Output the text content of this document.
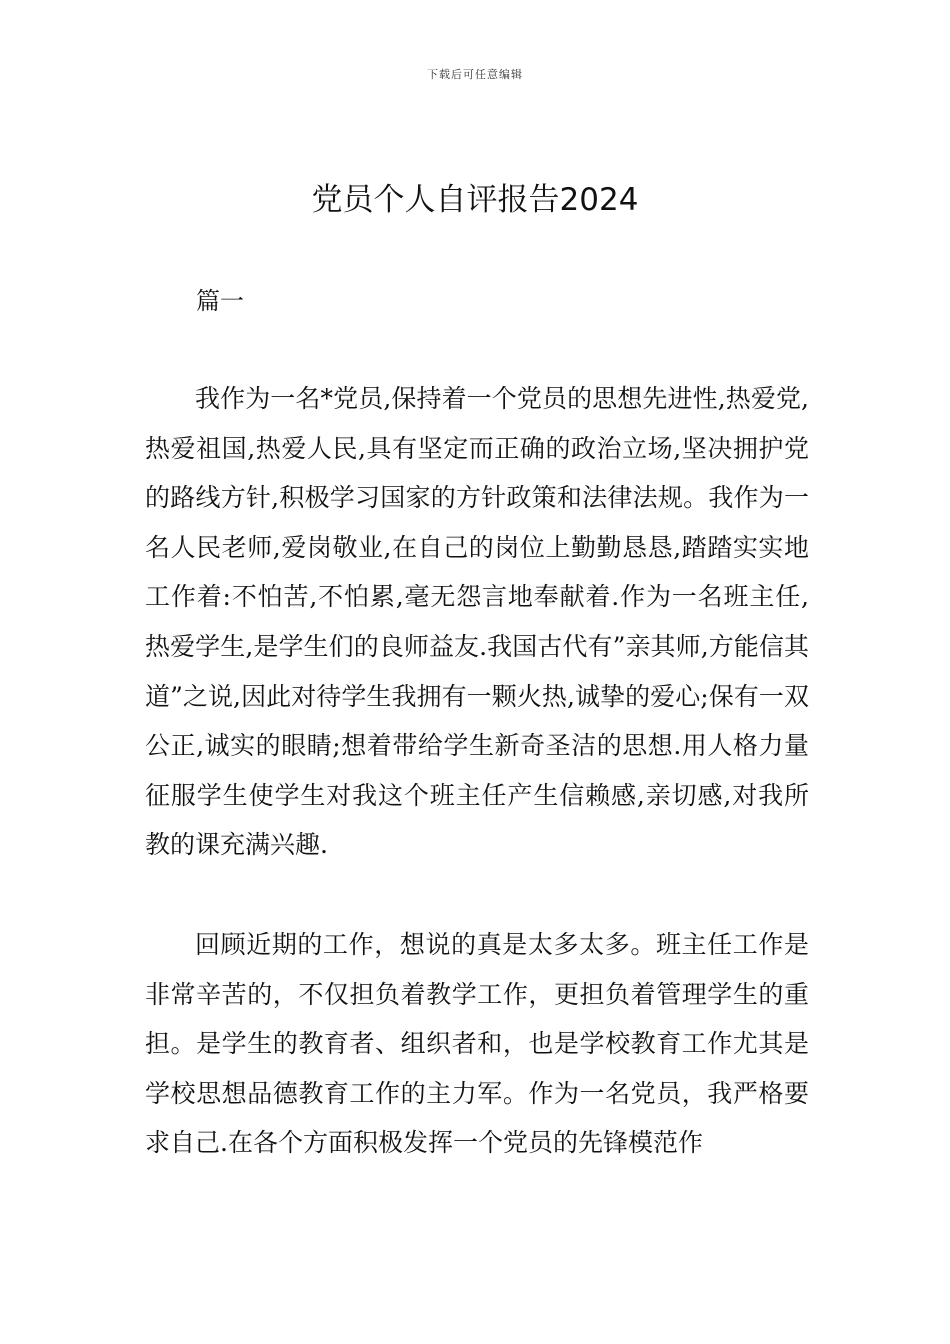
下载后可任意编辑
党员个人自评报告2024
篇一

我作为一名*党员,保持着一个党员的思想先进性,热爱党,热爱祖国,热爱人民,具有坚定而正确的政治立场,坚决拥护党的路线方针,积极学习国家的方针政策和法律法规。我作为一名人民老师,爱岗敬业,在自己的岗位上勤勤恳恳,踏踏实实地工作着:不怕苦,不怕累,毫无怨言地奉献着.作为一名班主任,热爱学生,是学生们的良师益友.我国古代有”亲其师,方能信其道”之说,因此对待学生我拥有一颗火热,诚挚的爱心;保有一双公正,诚实的眼睛;想着带给学生新奇圣洁的思想.用人格力量征服学生使学生对我这个班主任产生信赖感,亲切感,对我所教的课充满兴趣.

回顾近期的工作，想说的真是太多太多。班主任工作是非常辛苦的，不仅担负着教学工作，更担负着管理学生的重担。是学生的教育者、组织者和，也是学校教育工作尤其是学校思想品德教育工作的主力军。作为一名党员，我严格要求自己.在各个方面积极发挥一个党员的先锋模范作
